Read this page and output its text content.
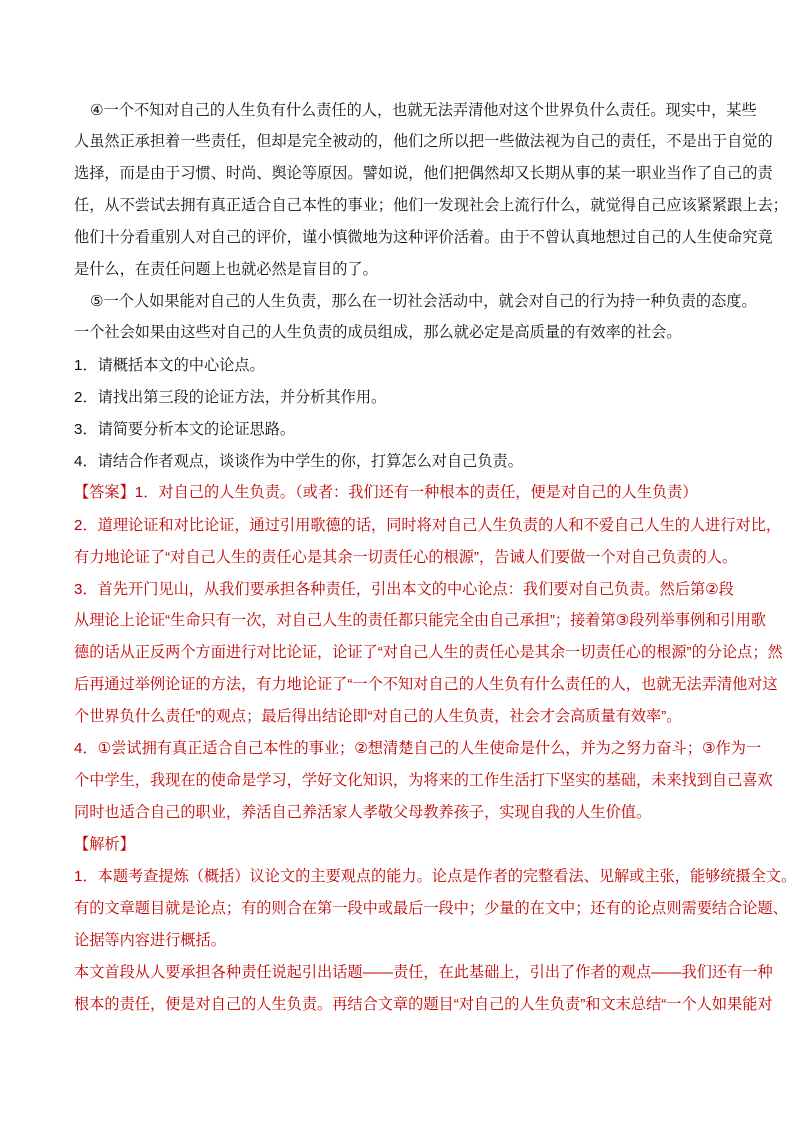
④一个不知对自己的人生负有什么责任的人，也就无法弄清他对这个世界负什么责任。现实中，某些
人虽然正承担着一些责任，但却是完全被动的，他们之所以把一些做法视为自己的责任，不是出于自觉的
选择，而是由于习惯、时尚、舆论等原因。譬如说，他们把偶然却又长期从事的某一职业当作了自己的责
任，从不尝试去拥有真正适合自己本性的事业；他们一发现社会上流行什么，就觉得自己应该紧紧跟上去；
他们十分看重别人对自己的评价，谨小慎微地为这种评价活着。由于不曾认真地想过自己的人生使命究竟
是什么，在责任问题上也就必然是盲目的了。
⑤一个人如果能对自己的人生负责，那么在一切社会活动中，就会对自己的行为持一种负责的态度。
一个社会如果由这些对自己的人生负责的成员组成，那么就必定是高质量的有效率的社会。
1．请概括本文的中心论点。
2．请找出第三段的论证方法，并分析其作用。
3．请简要分析本文的论证思路。
4．请结合作者观点，谈谈作为中学生的你，打算怎么对自己负责。
【答案】1．对自己的人生负责。（或者：我们还有一种根本的责任，便是对自己的人生负责）
2．道理论证和对比论证，通过引用歌德的话，同时将对自己人生负责的人和不爱自己人生的人进行对比，
有力地论证了“对自己人生的责任心是其余一切责任心的根源”，告诫人们要做一个对自己负责的人。
3．首先开门见山，从我们要承担各种责任，引出本文的中心论点：我们要对自己负责。然后第②段
从理论上论证“生命只有一次，对自己人生的责任都只能完全由自己承担”；接着第③段列举事例和引用歌
德的话从正反两个方面进行对比论证，论证了“对自己人生的责任心是其余一切责任心的根源”的分论点；然
后再通过举例论证的方法，有力地论证了“一个不知对自己的人生负有什么责任的人，也就无法弄清他对这
个世界负什么责任”的观点；最后得出结论即“对自己的人生负责，社会才会高质量有效率”。
4．①尝试拥有真正适合自己本性的事业；②想清楚自己的人生使命是什么，并为之努力奋斗；③作为一
个中学生，我现在的使命是学习，学好文化知识，为将来的工作生活打下坚实的基础，未来找到自己喜欢
同时也适合自己的职业，养活自己养活家人孝敬父母教养孩子，实现自我的人生价值。
【解析】
1．本题考查提炼（概括）议论文的主要观点的能力。论点是作者的完整看法、见解或主张，能够统摄全文。
有的文章题目就是论点；有的则合在第一段中或最后一段中；少量的在文中；还有的论点则需要结合论题、
论据等内容进行概括。
本文首段从人要承担各种责任说起引出话题——责任，在此基础上，引出了作者的观点——我们还有一种
根本的责任，便是对自己的人生负责。再结合文章的题目“对自己的人生负责”和文末总结“一个人如果能对
